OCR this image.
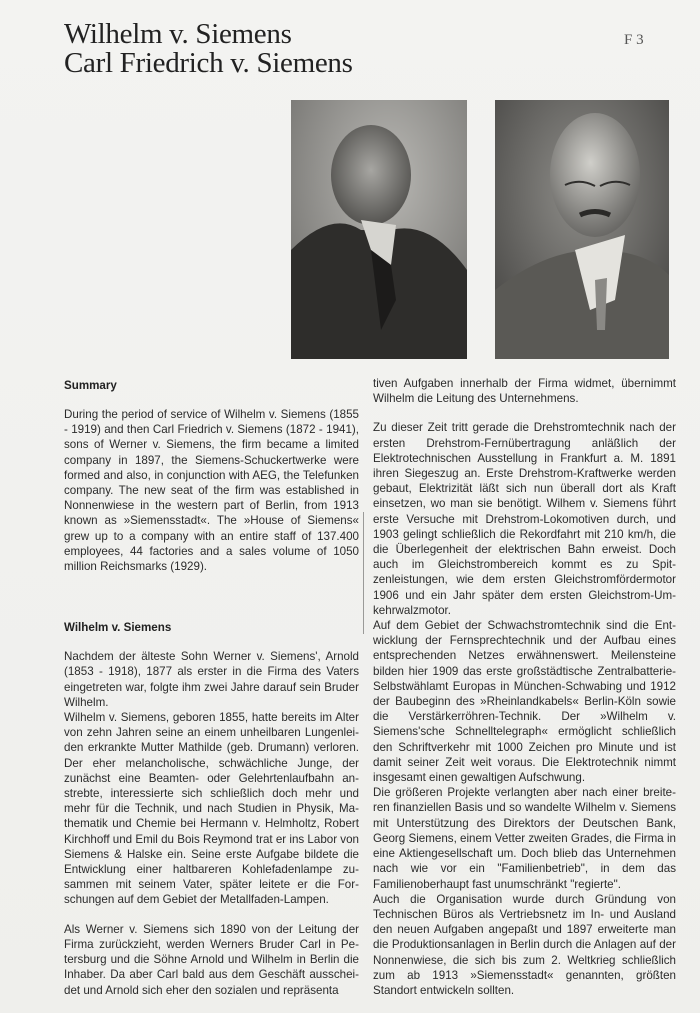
Wilhelm v. Siemens
Carl Friedrich v. Siemens
F 3
Summary

During the period of service of Wilhelm v. Siemens (1855 - 1919) and then Carl Friedrich v. Siemens (1872 - 1941), sons of Werner v. Siemens, the firm became a limited company in 1897, the Siemens-Schuckertwerke were formed and also, in conjunction with AEG, the Telefunken company. The new seat of the firm was established in Nonnenwiese in the western part of Berlin, from 1913 known as »Siemensstadt«. The »House of Siemens« grew up to a company with an entire staff of 137.400 employees, 44 factories and a sales volume of 1050 million Reichsmarks (1929).

Wilhelm v. Siemens

Nachdem der älteste Sohn Werner v. Siemens', Arnold (1853 - 1918), 1877 als erster in die Firma des Vaters eingetreten war, folgte ihm zwei Jahre darauf sein Bruder Wilhelm.

Wilhelm v. Siemens, geboren 1855, hatte bereits im Alter von zehn Jahren seine an einem unheilbaren Lungenleiden erkrankte Mutter Mathilde (geb. Drumann) verloren. Der eher melancholische, schwächliche Junge, der zunächst eine Beamten- oder Gelehrtenlaufbahn anstrebte, interessierte sich schließlich doch mehr und mehr für die Technik, und nach Studien in Physik, Mathematik und Chemie bei Hermann v. Helmholtz, Robert Kirchhoff und Emil du Bois Reymond trat er ins Labor von Siemens & Halske ein. Seine erste Aufgabe bildete die Entwicklung einer haltbareren Kohlefadenlampe zusammen mit seinem Vater, später leitete er die Forschungen auf dem Gebiet der Metallfaden-Lampen.

Als Werner v. Siemens sich 1890 von der Leitung der Firma zurückzieht, werden Werners Bruder Carl in Petersburg und die Söhne Arnold und Wilhelm in Berlin die Inhaber. Da aber Carl bald aus dem Geschäft ausscheidet und Arnold sich eher den sozialen und repräsenta

tiven Aufgaben innerhalb der Firma widmet, übernimmt Wilhelm die Leitung des Unternehmens.

Zu dieser Zeit tritt gerade die Drehstromtechnik nach der ersten Drehstrom-Fernübertragung anläßlich der Elektrotechnischen Ausstellung in Frankfurt a. M. 1891 ihren Siegeszug an. Erste Drehstrom-Kraftwerke werden gebaut, Elektrizität läßt sich nun überall dort als Kraft einsetzen, wo man sie benötigt. Wilhem v. Siemens führt erste Versuche mit Drehstrom-Lokomotiven durch, und 1903 gelingt schließlich die Rekordfahrt mit 210 km/h, die die Überlegenheit der elektrischen Bahn erweist. Doch auch im Gleichstrombereich kommt es zu Spitzenleistungen, wie dem ersten Gleichstromfördermotor 1906 und ein Jahr später dem ersten Gleichstrom-Umkehrwalzmotor.

Auf dem Gebiet der Schwachstromtechnik sind die Entwicklung der Fernsprechtechnik und der Aufbau eines entsprechenden Netzes erwähnenswert. Meilensteine bilden hier 1909 das erste großstädtische Zentralbatterie-Selbstwählamt Europas in München-Schwabing und 1912 der Baubeginn des »Rheinlandkabels« Berlin-Köln sowie die Verstärkerröhren-Technik. Der »Wilhelm v. Siemens'sche Schnelltelegraph« ermöglicht schließlich den Schriftverkehr mit 1000 Zeichen pro Minute und ist damit seiner Zeit weit voraus. Die Elektrotechnik nimmt insgesamt einen gewaltigen Aufschwung.

Die größeren Projekte verlangten aber nach einer breiteren finanziellen Basis und so wandelte Wilhelm v. Siemens mit Unterstützung des Direktors der Deutschen Bank, Georg Siemens, einem Vetter zweiten Grades, die Firma in eine Aktiengesellschaft um. Doch blieb das Unternehmen nach wie vor ein "Familienbetrieb", in dem das Familienoberhaupt fast unumschränkt "regierte".

Auch die Organisation wurde durch Gründung von Technischen Büros als Vertriebsnetz im In- und Ausland den neuen Aufgaben angepaßt und 1897 erweiterte man die Produktionsanlagen in Berlin durch die Anlagen auf der Nonnenwiese, die sich bis zum 2. Weltkrieg schließlich zum ab 1913 »Siemensstadt« genannten, größten Standort entwickeln sollten.
